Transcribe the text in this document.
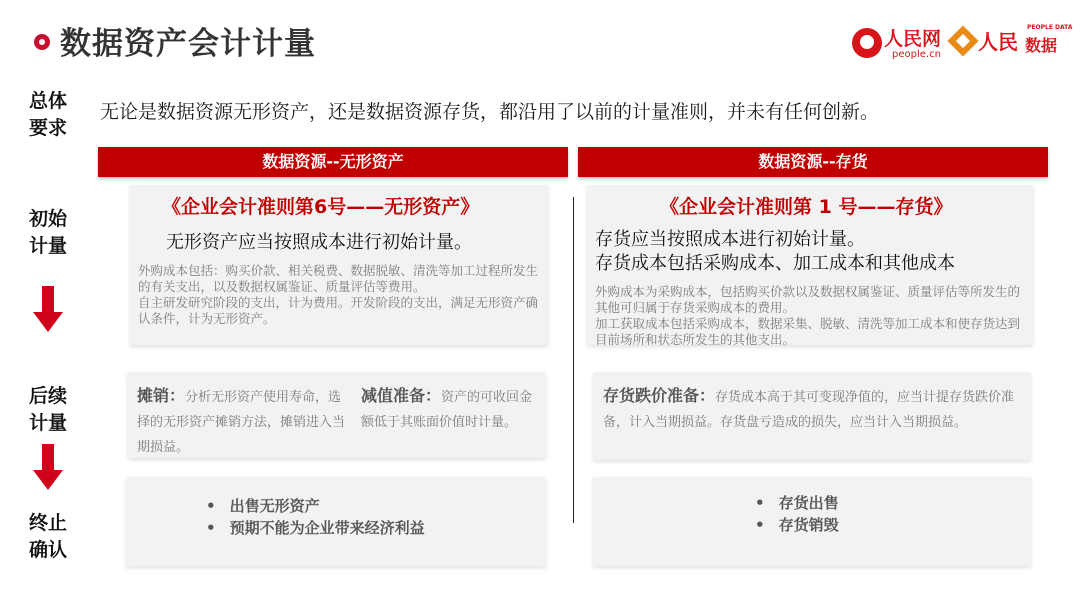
数据资产会计计量	人民网
people.cn
人民
PEOPLE DATA
数据
总体
要求
初始
计量
后续
计量
终止
确认
无论是数据资源无形资产，还是数据资源存货，都沿用了以前的计量准则，并未有任何创新。
数据资源--无形资产	数据资源--存货
《企业会计准则第6号——无形资产》
无形资产应当按照成本进行初始计量。
外购成本包括：购买价款、相关税费、数据脱敏、清洗等加工过程所发生的有关支出，以及数据权属鉴证、质量评估等费用。
自主研发研究阶段的支出，计为费用。开发阶段的支出，满足无形资产确认条件，计为无形资产。
《企业会计准则第 1 号——存货》
存货应当按照成本进行初始计量。
存货成本包括采购成本、加工成本和其他成本
外购成本为采购成本，包括购买价款以及数据权属鉴证、质量评估等所发生的其他可归属于存货采购成本的费用。
加工获取成本包括采购成本，数据采集、脱敏、清洗等加工成本和使存货达到目前场所和状态所发生的其他支出。
摊销：分析无形资产使用寿命，选择的无形资产摊销方法，摊销进入当期损益。
减值准备：资产的可收回金额低于其账面价值时计量。
存货跌价准备：存货成本高于其可变现净值的，应当计提存货跌价准备，计入当期损益。存货盘亏造成的损失，应当计入当期损益。
• 出售无形资产
• 预期不能为企业带来经济利益
• 存货出售
• 存货销毁
